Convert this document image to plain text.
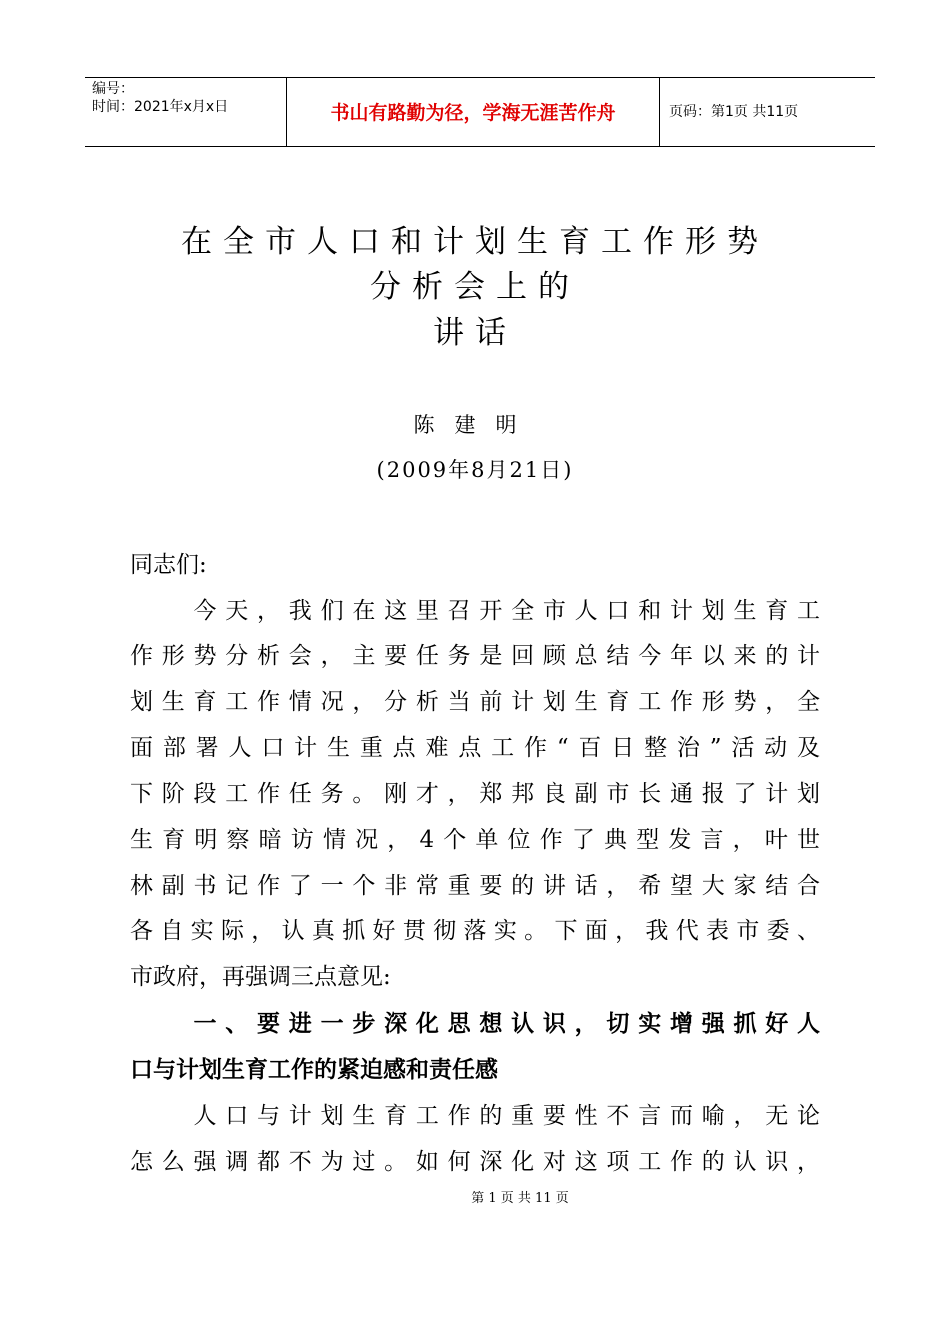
编号：
时间：2021年x月x日	书山有路勤为径，学海无涯苦作舟	页码：第1页 共11页
在全市人口和计划生育工作形势
分析会上的
讲话
陈建明
(2009年8月21日)
同志们:
　　今天，我们在这里召开全市人口和计划生育工
作形势分析会，主要任务是回顾总结今年以来的计
划生育工作情况，分析当前计划生育工作形势，全
面部署人口计生重点难点工作“百日整治”活动及
下阶段工作任务。刚才，郑邦良副市长通报了计划
生育明察暗访情况，4个单位作了典型发言，叶世
林副书记作了一个非常重要的讲话，希望大家结合
各自实际，认真抓好贯彻落实。下面，我代表市委、
市政府，再强调三点意见:
　　一、要进一步深化思想认识，切实增强抓好人
口与计划生育工作的紧迫感和责任感
　　人口与计划生育工作的重要性不言而喻，无论
怎么强调都不为过。如何深化对这项工作的认识，
第 1 页 共 11 页
